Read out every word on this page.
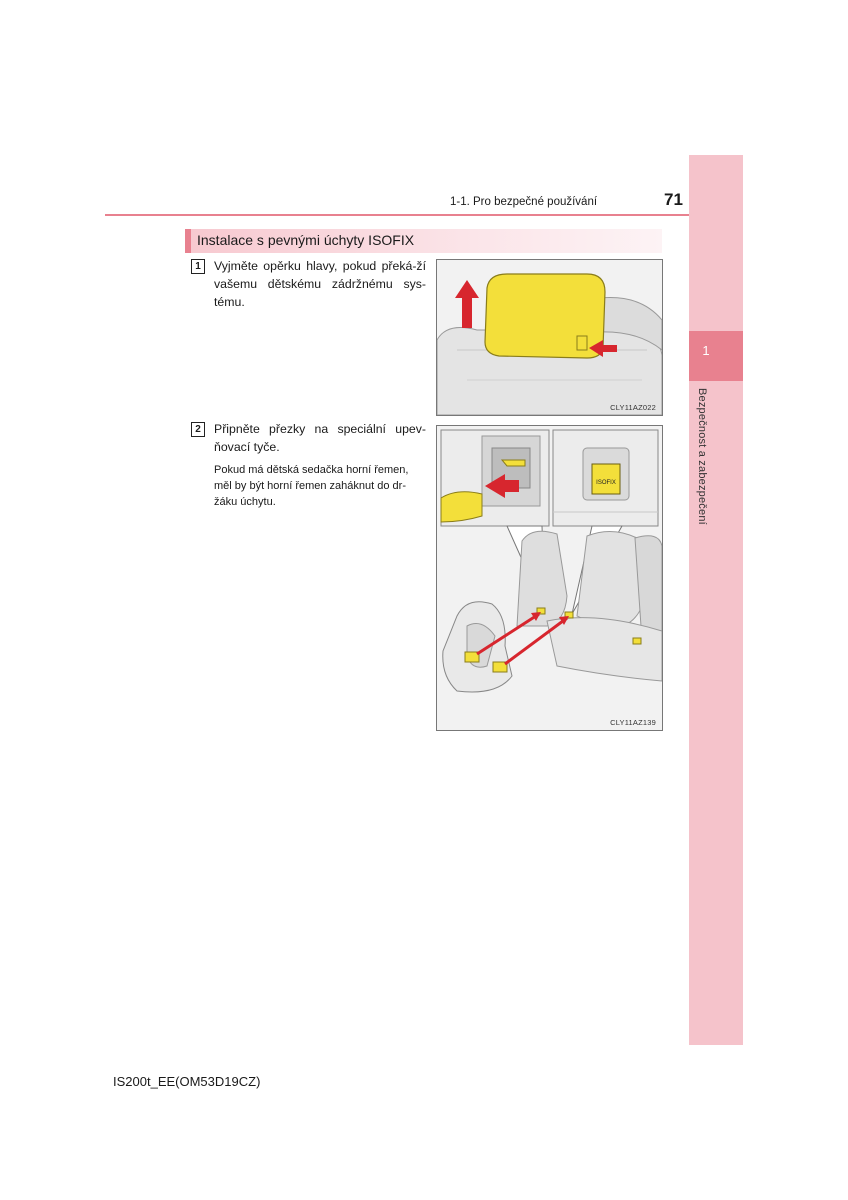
1
Bezpečnost a zabezpečení
1-1. Pro bezpečné používání	71
Instalace s pevnými úchyty ISOFIX
1	Vyjměte opěrku hlavy, pokud překá-ží vašemu dětskému zádržnému sys-tému.
2	Připněte přezky na speciální upev-ňovací tyče.
Pokud má dětská sedačka horní řemen, měl by být horní řemen zaháknut do dr-žáku úchytu.
CLY11AZ022
ISOFIX
CLY11AZ139
IS200t_EE(OM53D19CZ)
